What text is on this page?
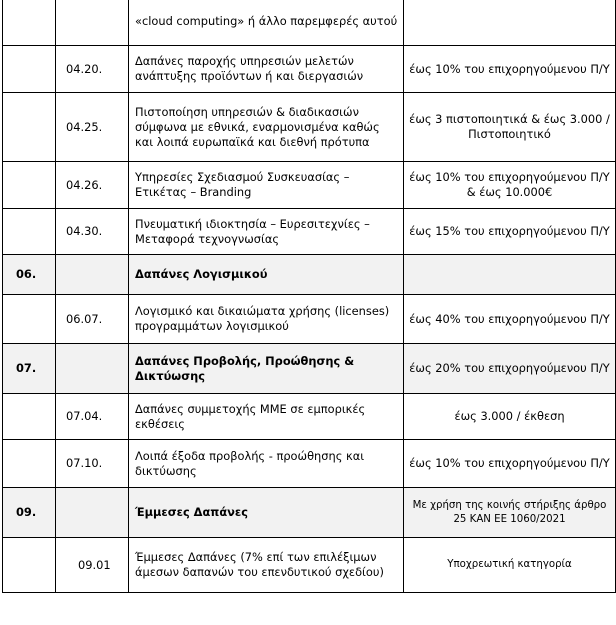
		«cloud computing» ή άλλο παρεμφερές αυτού	
	04.20.	Δαπάνες παροχής υπηρεσιών μελετών ανάπτυξης προϊόντων ή και διεργασιών	έως 10% του επιχορηγούμενου Π/Υ
	04.25.	Πιστοποίηση υπηρεσιών & διαδικασιών σύμφωνα με εθνικά, εναρμονισμένα καθώς και λοιπά ευρωπαϊκά και διεθνή πρότυπα	έως 3 πιστοποιητικά & έως 3.000 / Πιστοποιητικό
	04.26.	Υπηρεσίες Σχεδιασμού Συσκευασίας – Ετικέτας – Branding	έως 10% του επιχορηγούμενου Π/Υ & έως 10.000€
	04.30.	Πνευματική ιδιοκτησία – Ευρεσιτεχνίες – Μεταφορά τεχνογνωσίας	έως 15% του επιχορηγούμενου Π/Υ
06.		Δαπάνες Λογισμικού	
	06.07.	Λογισμικό και δικαιώματα χρήσης (licenses) προγραμμάτων λογισμικού	έως 40% του επιχορηγούμενου Π/Υ
07.		Δαπάνες Προβολής, Προώθησης & Δικτύωσης	έως 20% του επιχορηγούμενου Π/Υ
	07.04.	Δαπάνες συμμετοχής ΜΜΕ σε εμπορικές εκθέσεις	έως 3.000 / έκθεση
	07.10.	Λοιπά έξοδα προβολής - προώθησης και δικτύωσης	έως 10% του επιχορηγούμενου Π/Υ
09.		Έμμεσες Δαπάνες	Με χρήση της κοινής στήριξης άρθρο 25 ΚΑΝ ΕΕ 1060/2021
	09.01	Έμμεσες Δαπάνες (7% επί των επιλέξιμων άμεσων δαπανών του επενδυτικού σχεδίου)	Υποχρεωτική κατηγορία
